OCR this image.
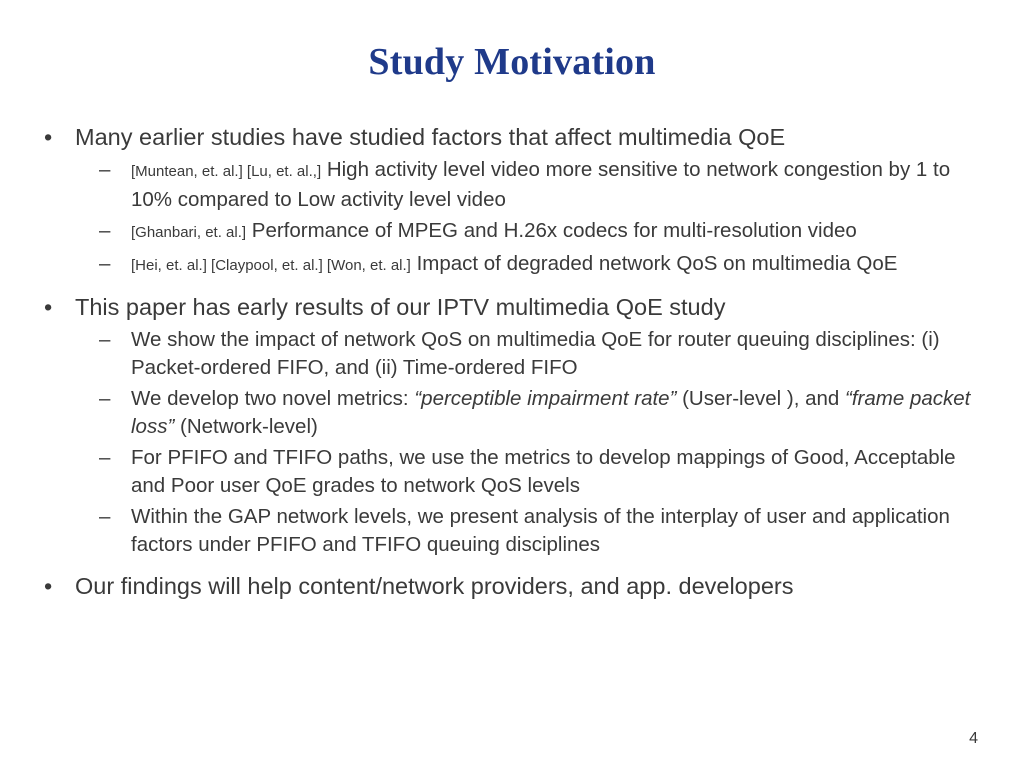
Study Motivation
• Many earlier studies have studied factors that affect multimedia QoE
– [Muntean, et. al.] [Lu, et. al.,] High activity level video more sensitive to network congestion by 1 to 10% compared to Low activity level video
– [Ghanbari, et. al.] Performance of MPEG and H.26x codecs for multi-resolution video
– [Hei, et. al.] [Claypool, et. al.] [Won, et. al.] Impact of degraded network QoS on multimedia QoE
• This paper has early results of our IPTV multimedia QoE study
– We show the impact of network QoS on multimedia QoE for router queuing disciplines: (i) Packet-ordered FIFO, and (ii) Time-ordered FIFO
– We develop two novel metrics: “perceptible impairment rate” (User-level ), and “frame packet loss” (Network-level)
– For PFIFO and TFIFO paths, we use the metrics to develop mappings of Good, Acceptable and Poor user QoE grades to network QoS levels
– Within the GAP network levels, we present analysis of the interplay of user and application factors under PFIFO and TFIFO queuing disciplines
• Our findings will help content/network providers, and app. developers
4
